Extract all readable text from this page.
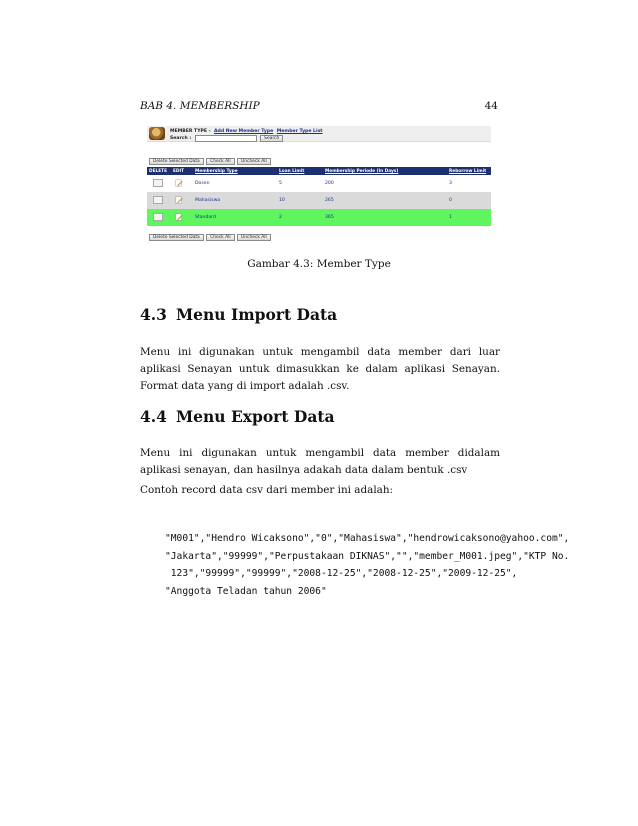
BAB 4. MEMBERSHIP	44
MEMBER TYPE - Add New Member Type Member Type List
Search :	Search
Delete Selected Data Check All Uncheck All
DELETE	EDIT	Membership Type	Loan Limit	Membership Periode (In Days)	Reborrow Limit
		Dosen	5	200	3
		Mahasiswa	10	265	0
		Standard	2	365	1
Delete Selected Data Check All Uncheck All
Gambar 4.3: Member Type
4.3 Menu Import Data
Menu ini digunakan untuk mengambil data member dari luar aplikasi Senayan untuk dimasukkan ke dalam aplikasi Senayan. Format data yang di import adalah .csv.
4.4 Menu Export Data
Menu ini digunakan untuk mengambil data member didalam aplikasi senayan, dan hasilnya adakah data dalam bentuk .csv
Contoh record data csv dari member ini adalah:
"M001","Hendro Wicaksono","0","Mahasiswa","hendrowicaksono@yahoo.com",
"Jakarta","99999","Perpustakaan DIKNAS","","member_M001.jpeg","KTP No.
123","99999","99999","2008-12-25","2008-12-25","2009-12-25",
"Anggota Teladan tahun 2006"
